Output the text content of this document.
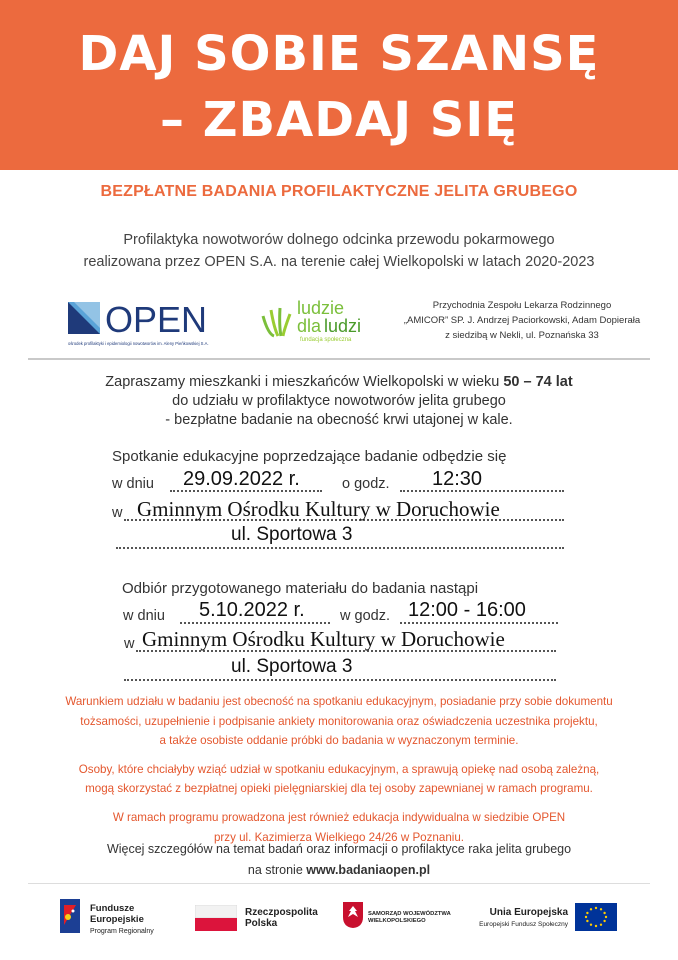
DAJ SOBIE SZANSĘ
– ZBADAJ SIĘ
BEZPŁATNE BADANIA PROFILAKTYCZNE JELITA GRUBEGO
Profilaktyka nowotworów dolnego odcinka przewodu pokarmowego
realizowana przez OPEN S.A. na terenie całej Wielkopolski w latach 2020-2023
OPEN
ośrodek profilaktyki i epidemiologii nowotworów im. Aleny Pieńkowskiej S.A.
ludzie
dla ludzi
fundacja społeczna
Przychodnia Zespołu Lekarza Rodzinnego
„AMICOR” SP. J. Andrzej Paciorkowski, Adam Dopierała
z siedzibą w Nekli, ul. Poznańska 33
Zapraszamy mieszkanki i mieszkańców Wielkopolski w wieku 50 – 74 lat
do udziału w profilaktyce nowotworów jelita grubego
- bezpłatne badanie na obecność krwi utajonej w kale.
Spotkanie edukacyjne poprzedzające badanie odbędzie się
w dniu 29.09.2022 r.	o godz. 12:30
w Gminnym Ośrodku Kultury w Doruchowie
ul. Sportowa 3
Odbiór przygotowanego materiału do badania nastąpi
w dniu 5.10.2022 r. w godz. 12:00 - 16:00
w Gminnym Ośrodku Kultury w Doruchowie
ul. Sportowa 3

Warunkiem udziału w badaniu jest obecność na spotkaniu edukacyjnym, posiadanie przy sobie dokumentu
tożsamości, uzupełnienie i podpisanie ankiety monitorowania oraz oświadczenia uczestnika projektu,
a także osobiste oddanie próbki do badania w wyznaczonym terminie.

Osoby, które chciałyby wziąć udział w spotkaniu edukacyjnym, a sprawują opiekę nad osobą zależną,
mogą skorzystać z bezpłatnej opieki pielęgniarskiej dla tej osoby zapewnianej w ramach programu.

W ramach programu prowadzona jest również edukacja indywidualna w siedzibie OPEN
przy ul. Kazimierza Wielkiego 24/26 w Poznaniu.

Więcej szczegółów na temat badań oraz informacji o profilaktyce raka jelita grubego
na stronie www.badaniaopen.pl
Fundusze
Europejskie
Program Regionalny
Rzeczpospolita
Polska
SAMORZĄD WOJEWÓDZTWA
WIELKOPOLSKIEGO
Unia Europejska
Europejski Fundusz Społeczny
